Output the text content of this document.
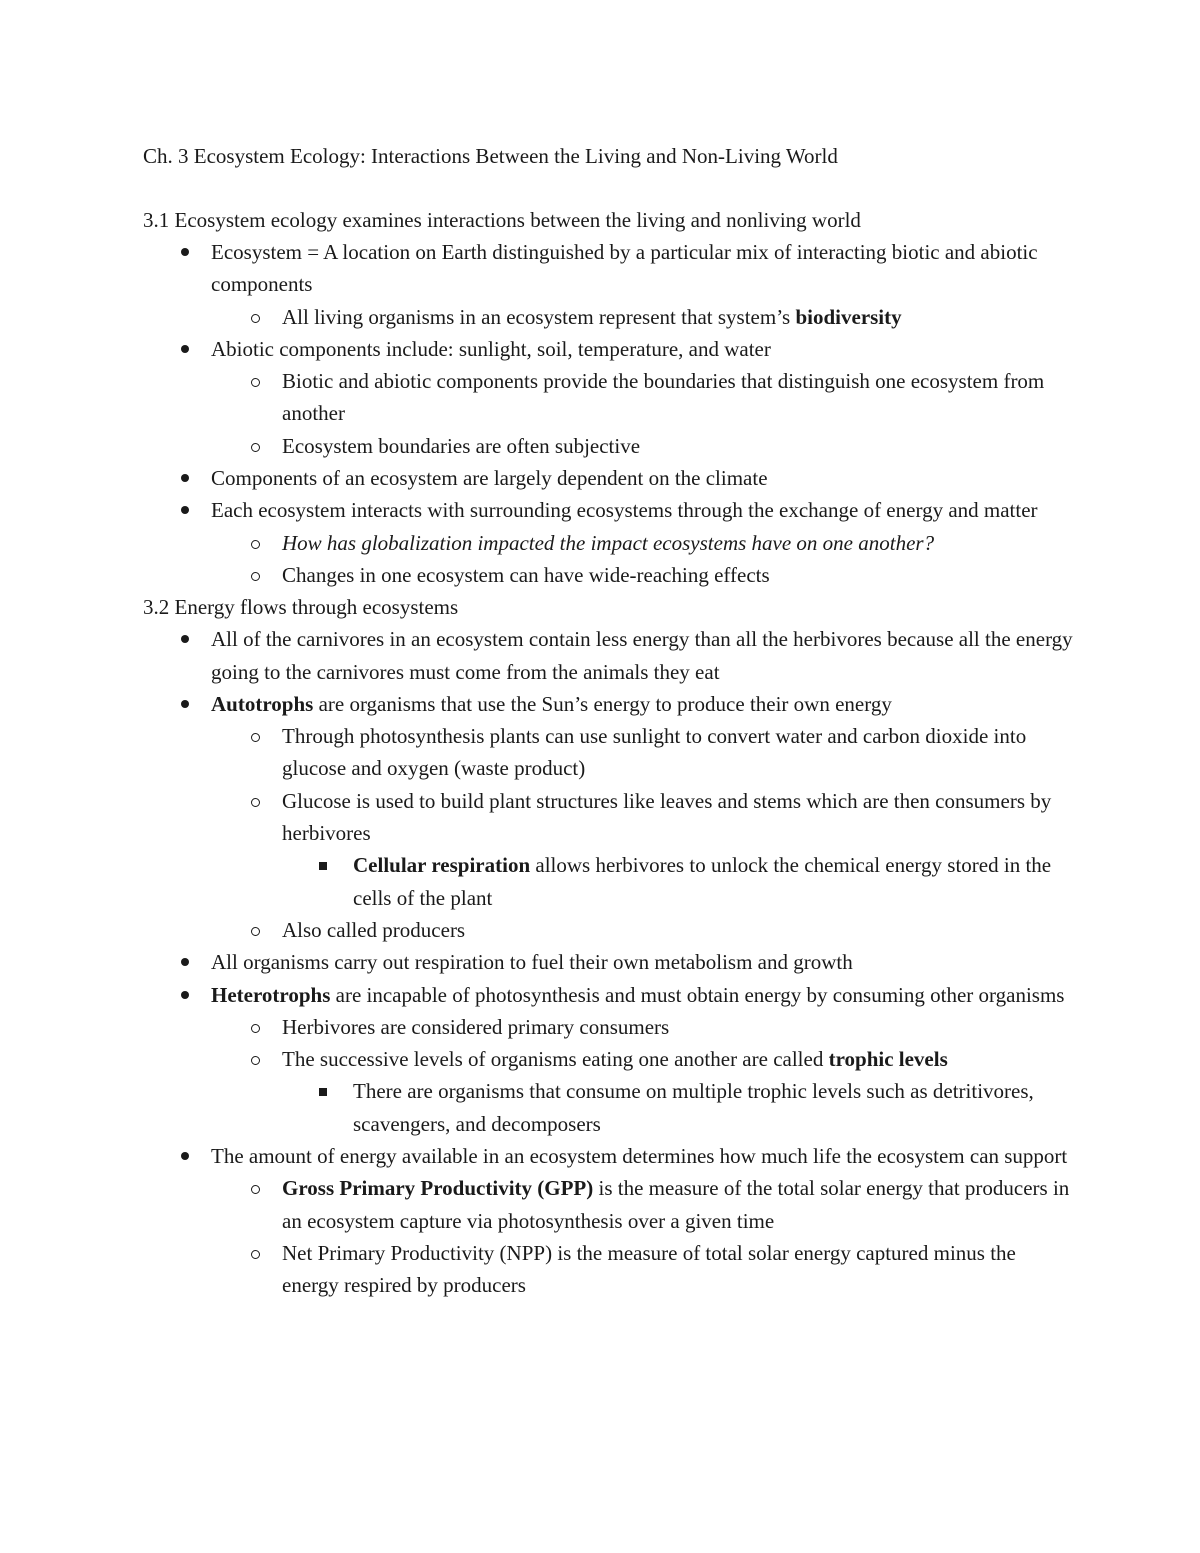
Ch. 3 Ecosystem Ecology: Interactions Between the Living and Non-Living World
3.1 Ecosystem ecology examines interactions between the living and nonliving world
Ecosystem = A location on Earth distinguished by a particular mix of interacting biotic and abiotic components
All living organisms in an ecosystem represent that system’s biodiversity
Abiotic components include: sunlight, soil, temperature, and water
Biotic and abiotic components provide the boundaries that distinguish one ecosystem from another
Ecosystem boundaries are often subjective
Components of an ecosystem are largely dependent on the climate
Each ecosystem interacts with surrounding ecosystems through the exchange of energy and matter
How has globalization impacted the impact ecosystems have on one another?
Changes in one ecosystem can have wide-reaching effects
3.2 Energy flows through ecosystems
All of the carnivores in an ecosystem contain less energy than all the herbivores because all the energy going to the carnivores must come from the animals they eat
Autotrophs are organisms that use the Sun’s energy to produce their own energy
Through photosynthesis plants can use sunlight to convert water and carbon dioxide into glucose and oxygen (waste product)
Glucose is used to build plant structures like leaves and stems which are then consumers by herbivores
Cellular respiration allows herbivores to unlock the chemical energy stored in the cells of the plant
Also called producers
All organisms carry out respiration to fuel their own metabolism and growth
Heterotrophs are incapable of photosynthesis and must obtain energy by consuming other organisms
Herbivores are considered primary consumers
The successive levels of organisms eating one another are called trophic levels
There are organisms that consume on multiple trophic levels such as detritivores, scavengers, and decomposers
The amount of energy available in an ecosystem determines how much life the ecosystem can support
Gross Primary Productivity (GPP) is the measure of the total solar energy that producers in an ecosystem capture via photosynthesis over a given time
Net Primary Productivity (NPP) is the measure of total solar energy captured minus the energy respired by producers
